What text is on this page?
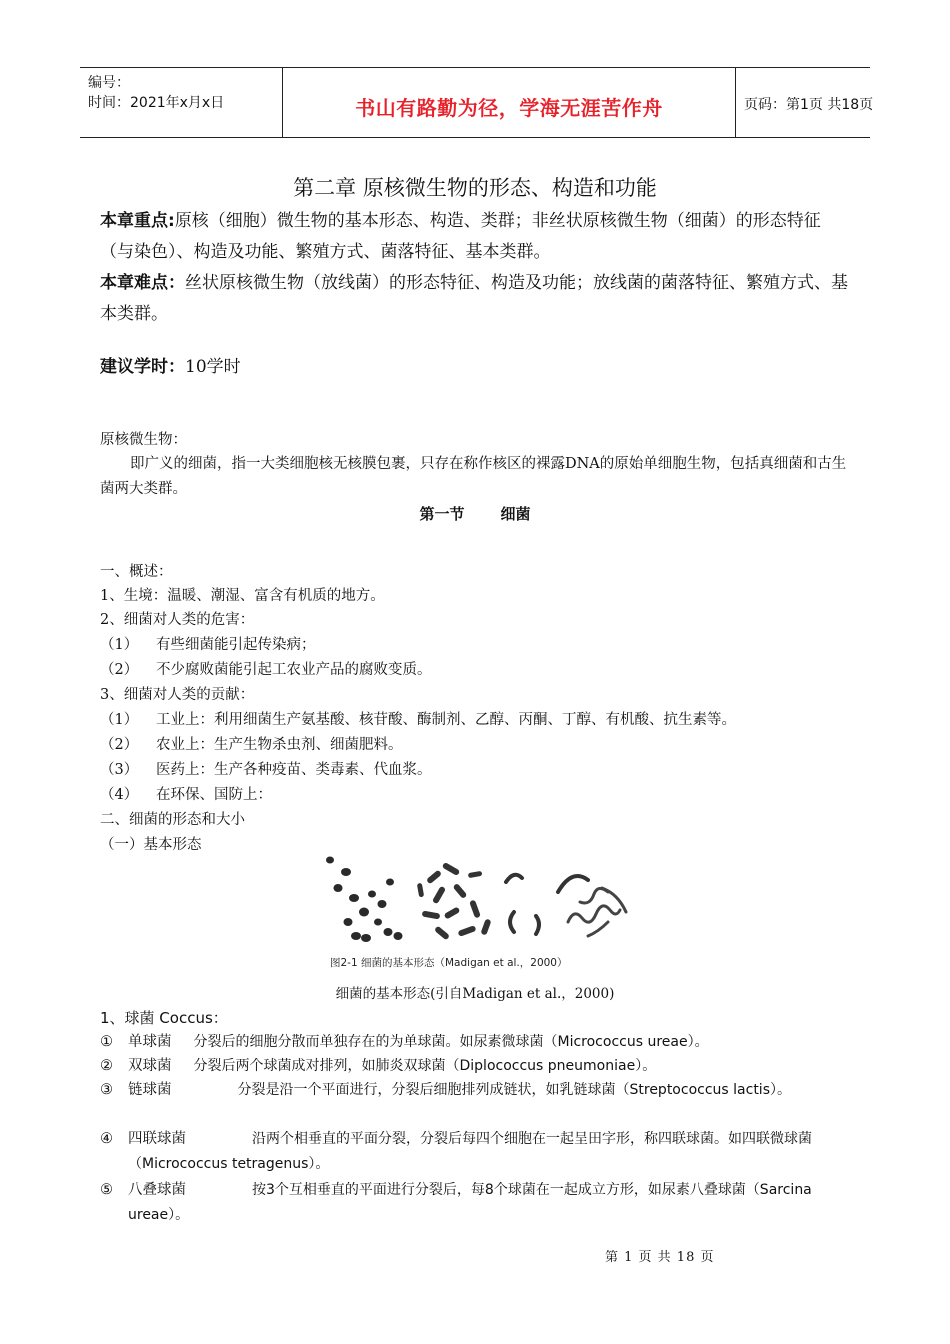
编号：
时间：2021年x月x日	书山有路勤为径，学海无涯苦作舟	页码：第1页 共18页
第二章 原核微生物的形态、构造和功能
本章重点:原核（细胞）微生物的基本形态、构造、类群；非丝状原核微生物（细菌）的形态特征（与染色）、构造及功能、繁殖方式、菌落特征、基本类群。
本章难点：丝状原核微生物（放线菌）的形态特征、构造及功能；放线菌的菌落特征、繁殖方式、基本类群。
建议学时：10学时
原核微生物：
即广义的细菌，指一大类细胞核无核膜包裹，只存在称作核区的裸露DNA的原始单细胞生物，包括真细菌和古生菌两大类群。
第一节 细菌
一、概述：
1、生境：温暖、潮湿、富含有机质的地方。
2、细菌对人类的危害：
（1） 有些细菌能引起传染病；
（2） 不少腐败菌能引起工农业产品的腐败变质。
3、细菌对人类的贡献：
（1） 工业上：利用细菌生产氨基酸、核苷酸、酶制剂、乙醇、丙酮、丁醇、有机酸、抗生素等。
（2） 农业上：生产生物杀虫剂、细菌肥料。
（3） 医药上：生产各种疫苗、类毒素、代血浆。
（4） 在环保、国防上：
二、细菌的形态和大小
（一）基本形态
图2-1 细菌的基本形态（Madigan et al.，2000）
细菌的基本形态(引自Madigan et al.，2000)
1、球菌 Coccus：
①	单球菌 分裂后的细胞分散而单独存在的为单球菌。如尿素微球菌（Micrococcus ureae）。
②	双球菌 分裂后两个球菌成对排列，如肺炎双球菌（Diplococcus pneumoniae）。
③	链球菌	分裂是沿一个平面进行，分裂后细胞排列成链状，如乳链球菌（Streptococcus lactis）。
④	四联球菌	沿两个相垂直的平面分裂，分裂后每四个细胞在一起呈田字形，称四联球菌。如四联微球菌（Micrococcus tetragenus）。
⑤	八叠球菌	按3个互相垂直的平面进行分裂后，每8个球菌在一起成立方形，如尿素八叠球菌（Sarcina ureae）。
第 1 页 共 18 页
